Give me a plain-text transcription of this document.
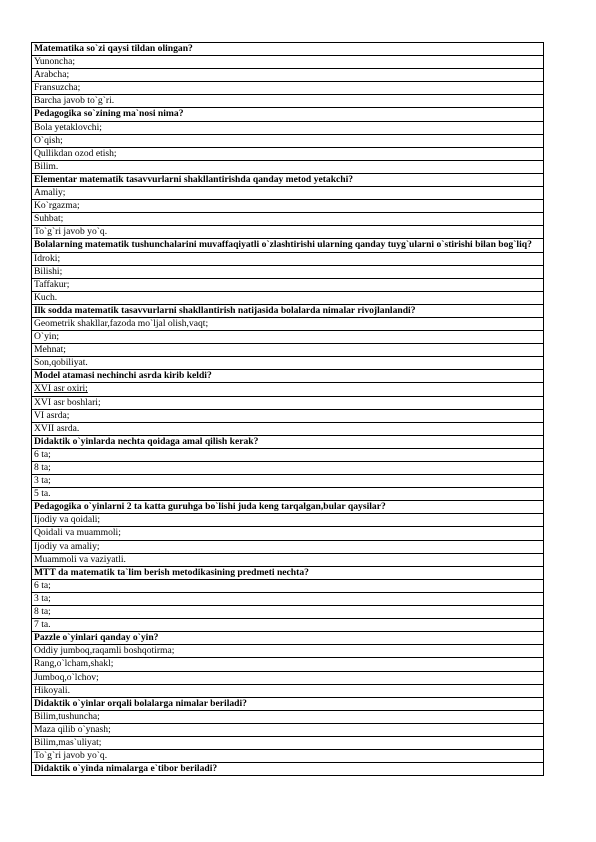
Matematika so`zi qaysi tildan olingan?
Yunoncha;
Arabcha;
Fransuzcha;
Barcha javob to`g`ri.
Pedagogika so`zining ma`nosi nima?
Bola yetaklovchi;
O`qish;
Qullikdan ozod etish;
Bilim.
Elementar matematik tasavvurlarni shakllantirishda qanday metod yetakchi?
Amaliy;
Ko`rgazma;
Suhbat;
To`g`ri javob yo`q.
Bolalarning matematik tushunchalarini muvaffaqiyatli o`zlashtirishi ularning qanday tuyg`ularni o`stirishi bilan bog`liq?
Idroki;
Bilishi;
Taffakur;
Kuch.
Ilk sodda matematik tasavvurlarni shakllantirish natijasida bolalarda nimalar rivojlanlandi?
Geometrik shakllar,fazoda mo`ljal olish,vaqt;
O`yin;
Mehnat;
Son,qobiliyat.
Model atamasi nechinchi asrda kirib keldi?
XVI asr oxiri;
XVI asr boshlari;
VI asrda;
XVII asrda.
Didaktik o`yinlarda nechta qoidaga amal qilish kerak?
6 ta;
8 ta;
3 ta;
5 ta.
Pedagogika o`yinlarni 2 ta katta guruhga bo`lishi juda keng tarqalgan,bular qaysilar?
Ijodiy va qoidali;
Qoidali va muammoli;
Ijodiy va amaliy;
Muammoli va vaziyatli.
MTT da matematik ta`lim berish metodikasining predmeti nechta?
6 ta;
3 ta;
8 ta;
7 ta.
Pazzle o`yinlari qanday o`yin?
Oddiy jumboq,raqamli boshqotirma;
Rang,o`lcham,shakl;
Jumboq,o`lchov;
Hikoyali.
Didaktik o`yinlar orqali bolalarga nimalar beriladi?
Bilim,tushuncha;
Maza qilib o`ynash;
Bilim,mas`uliyat;
To`g`ri javob yo`q.
Didaktik o`yinda nimalarga e`tibor beriladi?
